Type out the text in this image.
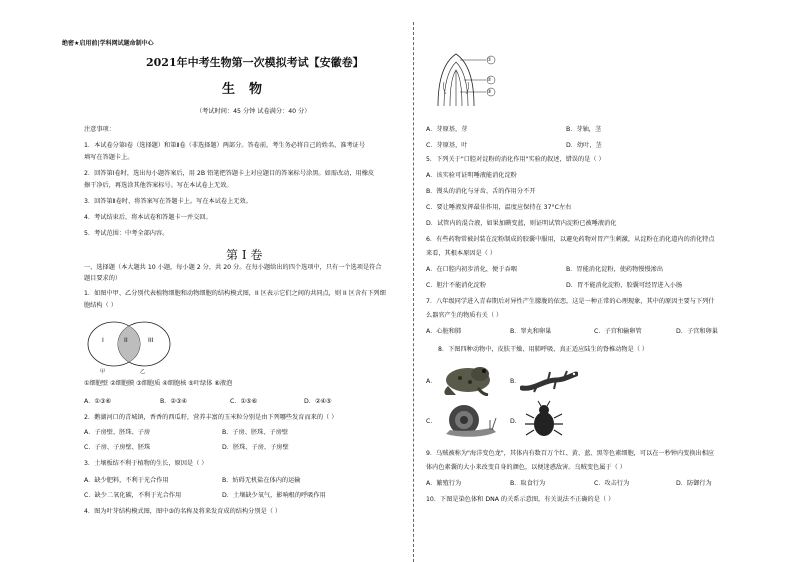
绝密★启用前|学科网试题命制中心
2021年中考生物第一次模拟考试【安徽卷】
生物
（考试时间：45 分钟 试卷满分：40 分）
注意事项：
1．本试卷分第Ⅰ卷（选择题）和第Ⅱ卷（非选择题）两部分。答卷前，考生务必将自己的姓名、准考证号
填写在答题卡上。
2．回答第Ⅰ卷时，选出每小题答案后，用 2B 铅笔把答题卡上对应题目的答案标号涂黑。如需改动，用橡皮
擦干净后，再选涂其他答案标号。写在本试卷上无效。
3．回答第Ⅱ卷时，将答案写在答题卡上。写在本试卷上无效。
4．考试结束后，将本试卷和答题卡一并交回。
5．考试范围：中考全部内容。
第 I 卷
一、选择题（本大题共 10 小题，每小题 2 分，共 20 分。在每小题给出的四个选项中，只有一个选项是符合
题目要求的）
1．如图中甲、乙分别代表植物细胞和动物细胞的结构模式图，II 区表示它们之间的共同点，则 II 区含有下列细
胞结构（ ）
I	II	III
甲	乙
①细胞壁 ②细胞膜 ③细胞质 ④细胞核 ⑤叶绿体 ⑥液泡
A．①③⑥	B．②③④	C．①⑤⑥	D．②④⑤
2．鹅湖河口的青城镇，香香的西瓜籽，营养丰富的玉米粒分别是由下列哪些发育而来的（ ）
A．子房壁、胚珠、子房	B．子房、胚珠、子房壁
C．子房、子房壁、胚珠	D．胚珠、子房、子房壁
3．土壤板结不利于植物的生长，原因是（ ）
A．缺少肥料，不利于光合作用	B．妨碍无机盐在体内的运输
C．缺少二氧化碳，不利于光合作用	D．土壤缺少氧气，影响根的呼吸作用
4．图为叶芽结构模式图，图中③的名称及将来发育成的结构分别是（ ）
①
②
③
A．芽原基，芽	B．芽轴，茎
C．芽原基，叶	D．幼叶，茎
5．下列关于"口腔对淀粉的消化作用"实验的叙述，错误的是（ ）
A．该实验可证明唾液能消化淀粉
B．馒头的消化与牙齿、舌的作用分不开
C．要让唾液发挥最佳作用，温度应保持在 37°C左右
D．试管内的混合液，如果加碘变蓝，则证明试管内淀粉已被唾液消化
6．有些药物常被封装在淀粉制成的胶囊中服用，以避免药物对胃产生刺激，从淀粉在消化道内的消化特点
来看，其根本原因是（ ）
A．在口腔内初步消化，便于吞咽	B．胃能消化淀粉，使药物慢慢渗出
C．胆汁不能消化淀粉	D．胃不能消化淀粉，胶囊可经胃进入小肠
7．八年级同学进入青春期后对异性产生朦胧的依恋，这是一种正常的心理现象，其中的原因主要与下列什
么器官产生的物质有关（ ）
A．心脏和肺	B．睾丸和卵巢	C．子宫和输卵管	D．子宫和卵巢
8．下图四种动物中，皮肤干燥、用肺呼吸、真正适应陆生的脊椎动物是（ ）
A．	B．
C．	D．
9．乌贼被称为"海洋变色龙"，其体内有数百万个红、黄、蓝、黑等色素细胞，可以在一秒钟内变换出相应
体内色素囊的大小来改变自身的颜色，以便迷惑敌害。乌贼变色属于（ ）
A．繁殖行为	B．取食行为	C．攻击行为	D．防御行为
10．下图是染色体和 DNA 的关系示意图，有关说法不正确的是（ ）
